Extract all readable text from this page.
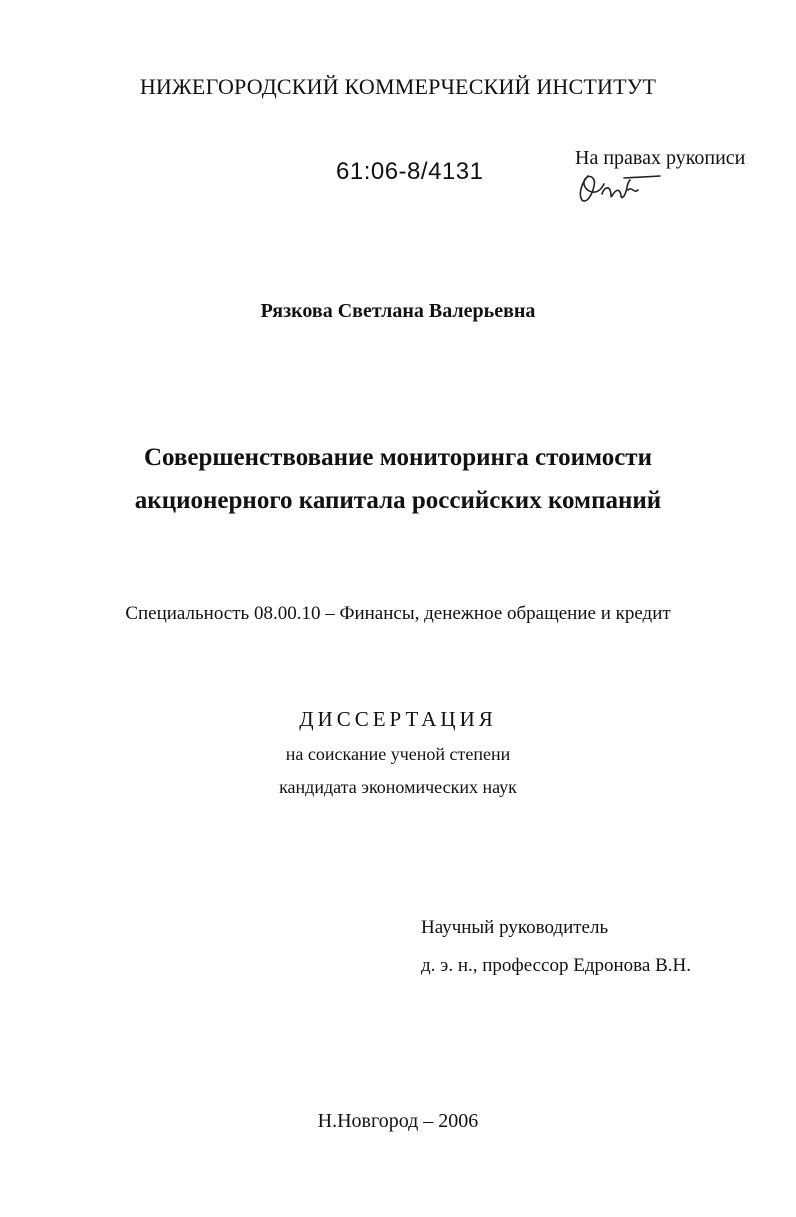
НИЖЕГОРОДСКИЙ КОММЕРЧЕСКИЙ ИНСТИТУТ
61:06-8/4131	На правах рукописи
Рязкова Светлана Валерьевна
Совершенствование мониторинга стоимости
акционерного капитала российских компаний
Специальность 08.00.10 – Финансы, денежное обращение и кредит
ДИССЕРТАЦИЯ
на соискание ученой степени
кандидата экономических наук
Научный руководитель
д. э. н., профессор Едронова В.Н.
Н.Новгород – 2006
